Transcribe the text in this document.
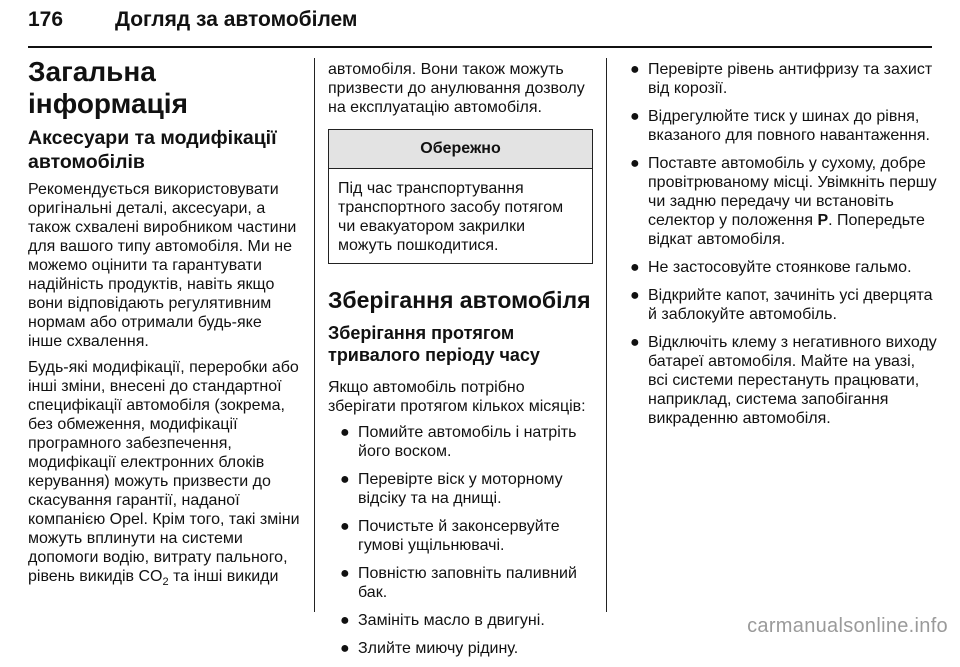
176 Догляд за автомобілем
Загальна інформація
Аксесуари та модифікації автомобілів

Рекомендується використовувати оригінальні деталі, аксесуари, а також схвалені виробником частини для вашого типу автомобіля. Ми не можемо оцінити та гарантувати надійність продуктів, навіть якщо вони відповідають регулятивним нормам або отримали будь-яке інше схвалення.

Будь-які модифікації, переробки або інші зміни, внесені до стандартної специфікації автомобіля (зокрема, без обмеження, модифікації програмного забезпечення, модифікації електронних блоків керування) можуть призвести до скасування гарантії, наданої компанією Opel. Крім того, такі зміни можуть вплинути на системи допомоги водію, витрату пального, рівень викидів $CO_2$ та інші викиди

автомобіля. Вони також можуть призвести до анулювання дозволу на експлуатацію автомобіля.

Обережно
Під час транспортування транспортного засобу потягом чи евакуатором закрилки можуть пошкодитися.
Зберігання автомобіля
Зберігання протягом тривалого періоду часу

Якщо автомобіль потрібно зберігати протягом кількох місяців:

● Помийте автомобіль і натріть його воском.
● Перевірте віск у моторному відсіку та на днищі.
● Почистьте й законсервуйте гумові ущільнювачі.
● Повністю заповніть паливний бак.
● Замініть масло в двигуні.
● Злийте миючу рідину.
● Перевірте рівень антифризу та захист від корозії.
● Відрегулюйте тиск у шинах до рівня, вказаного для повного навантаження.
● Поставте автомобіль у сухому, добре провітрюваному місці. Увімкніть першу чи задню передачу чи встановіть селектор у положення P. Попередьте відкат автомобіля.
● Не застосовуйте стоянкове гальмо.
● Відкрийте капот, зачиніть усі дверцята й заблокуйте автомобіль.
● Відключіть клему з негативного виходу батареї автомобіля. Майте на увазі, всі системи перестануть працювати, наприклад, система запобігання викраденню автомобіля.
carmanualsonline.info
